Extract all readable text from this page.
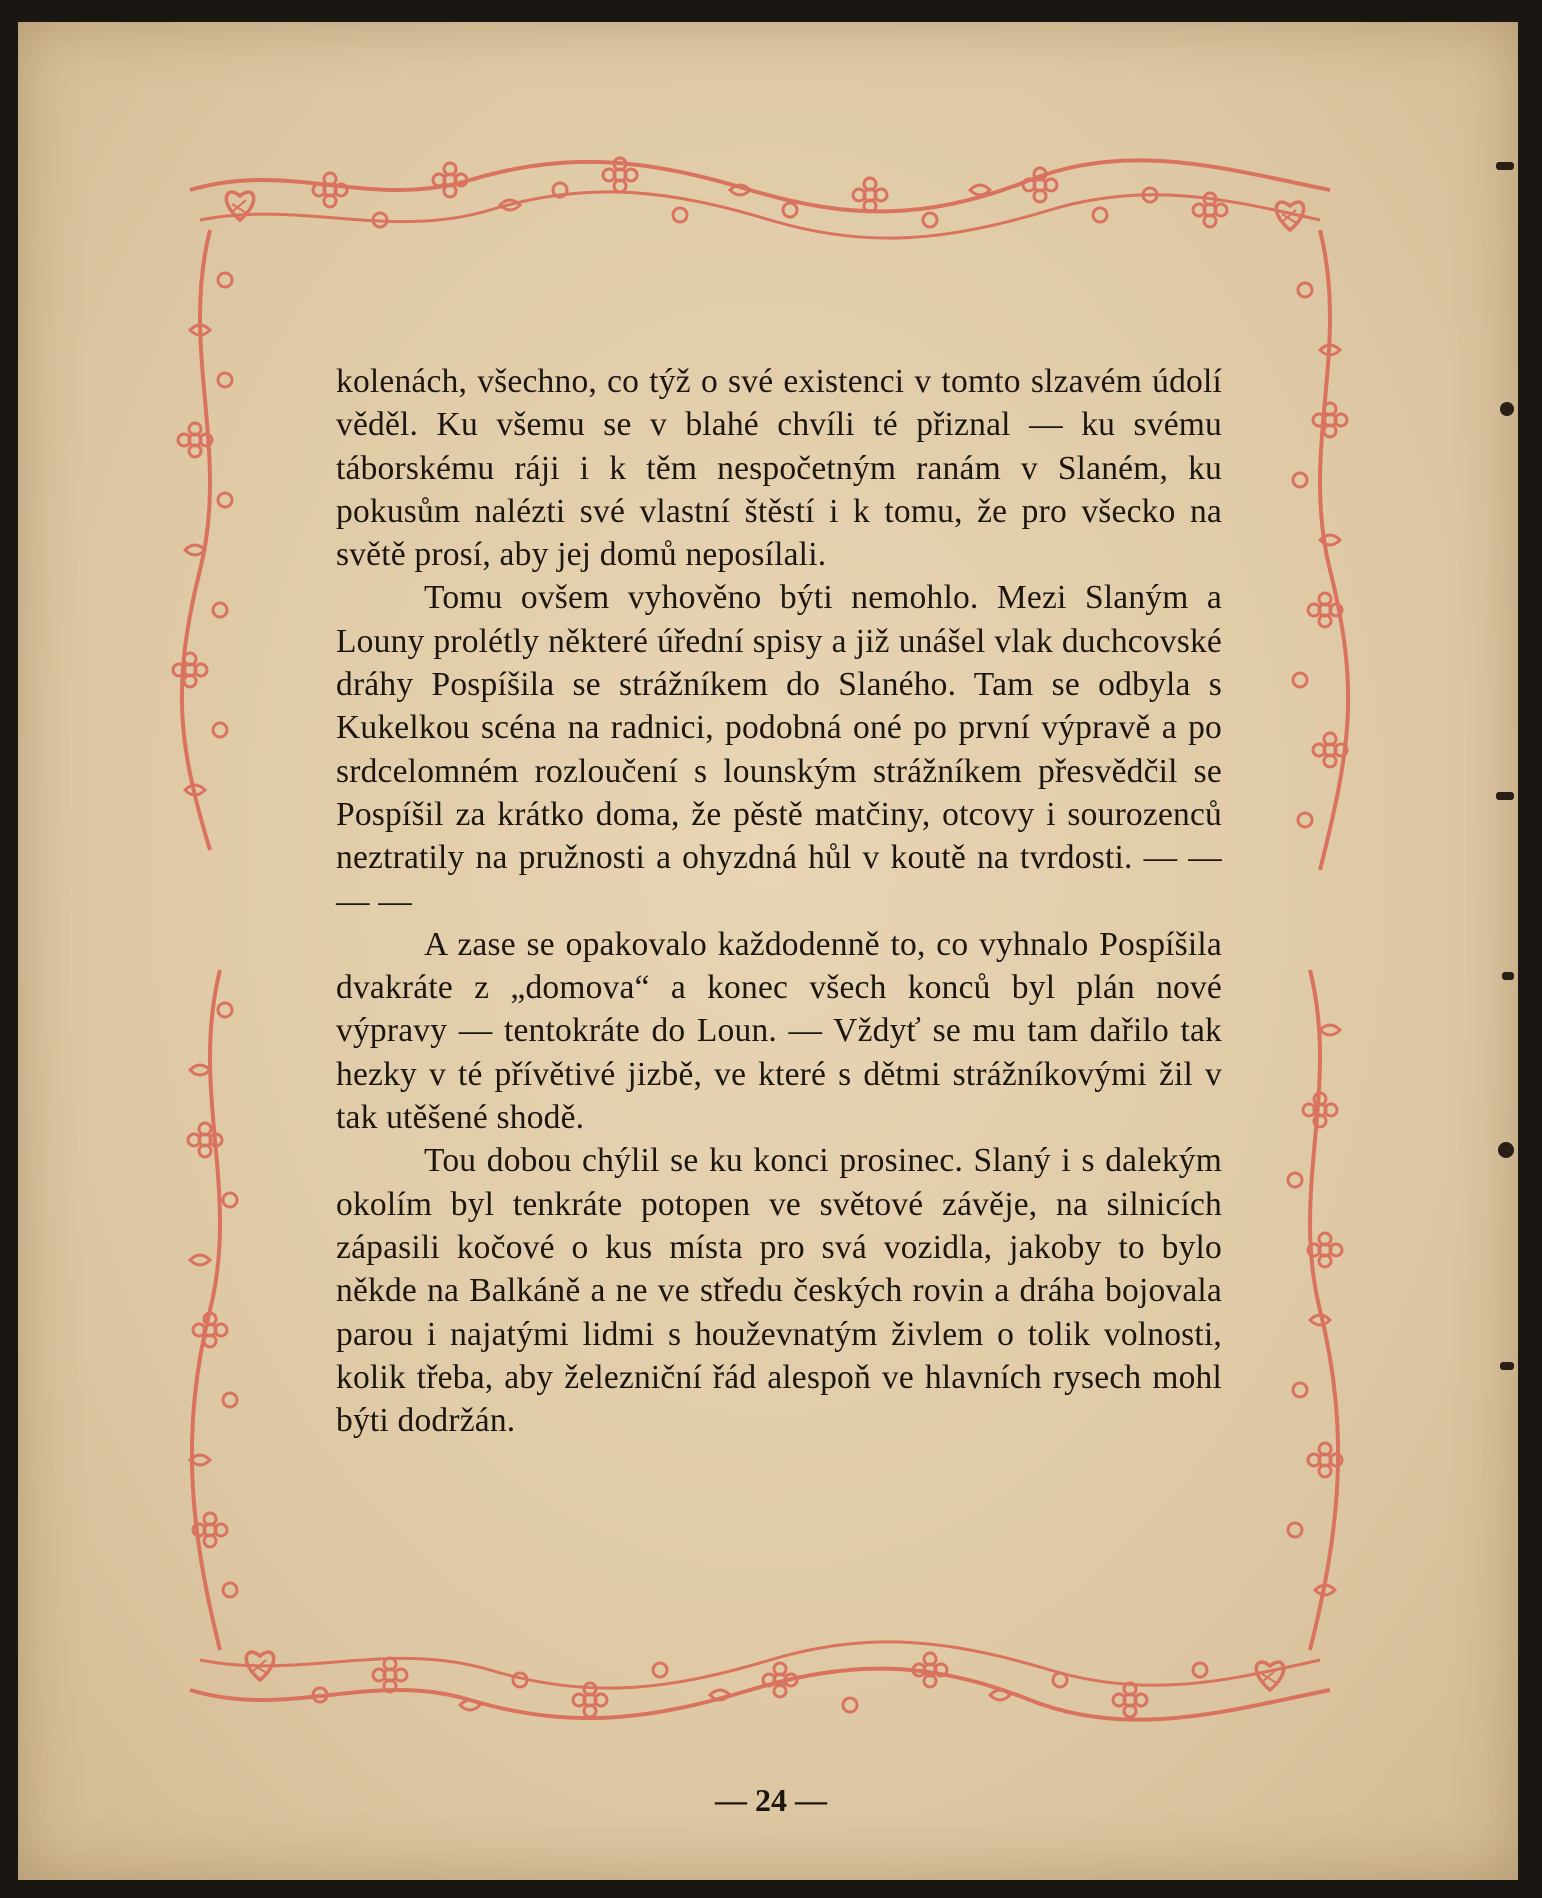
kolenách, všechno, co týž o své existenci v tomto slzavém údolí věděl. Ku všemu se v blahé chvíli té přiznal — ku svému táborskému ráji i k těm nespočetným ranám v Slaném, ku pokusům nalézti své vlastní štěstí i k tomu, že pro všecko na světě prosí, aby jej domů neposílali.

Tomu ovšem vyhověno býti nemohlo. Mezi Slaným a Louny prolétly některé úřední spisy a již unášel vlak duchcovské dráhy Pospíšila se strážníkem do Slaného. Tam se odbyla s Kukelkou scéna na radnici, podobná oné po první výpravě a po srdcelomném rozloučení s lounským strážníkem přesvědčil se Pospíšil za krátko doma, že pěstě matčiny, otcovy i sourozenců neztratily na pružnosti a ohyzdná hůl v koutě na tvrdosti. — — — —

A zase se opakovalo každodenně to, co vyhnalo Pospíšila dvakráte z „domova“ a konec všech konců byl plán nové výpravy — tentokráte do Loun. — Vždyť se mu tam dařilo tak hezky v té přívětivé jizbě, ve které s dětmi strážníkovými žil v tak utěšené shodě.

Tou dobou chýlil se ku konci prosinec. Slaný i s dalekým okolím byl tenkráte potopen ve světové závěje, na silnicích zápasili kočové o kus místa pro svá vozidla, jakoby to bylo někde na Balkáně a ne ve středu českých rovin a dráha bojovala parou i najatými lidmi s houževnatým živlem o tolik volnosti, kolik třeba, aby železniční řád alespoň ve hlavních rysech mohl býti dodržán.

— 24 —
